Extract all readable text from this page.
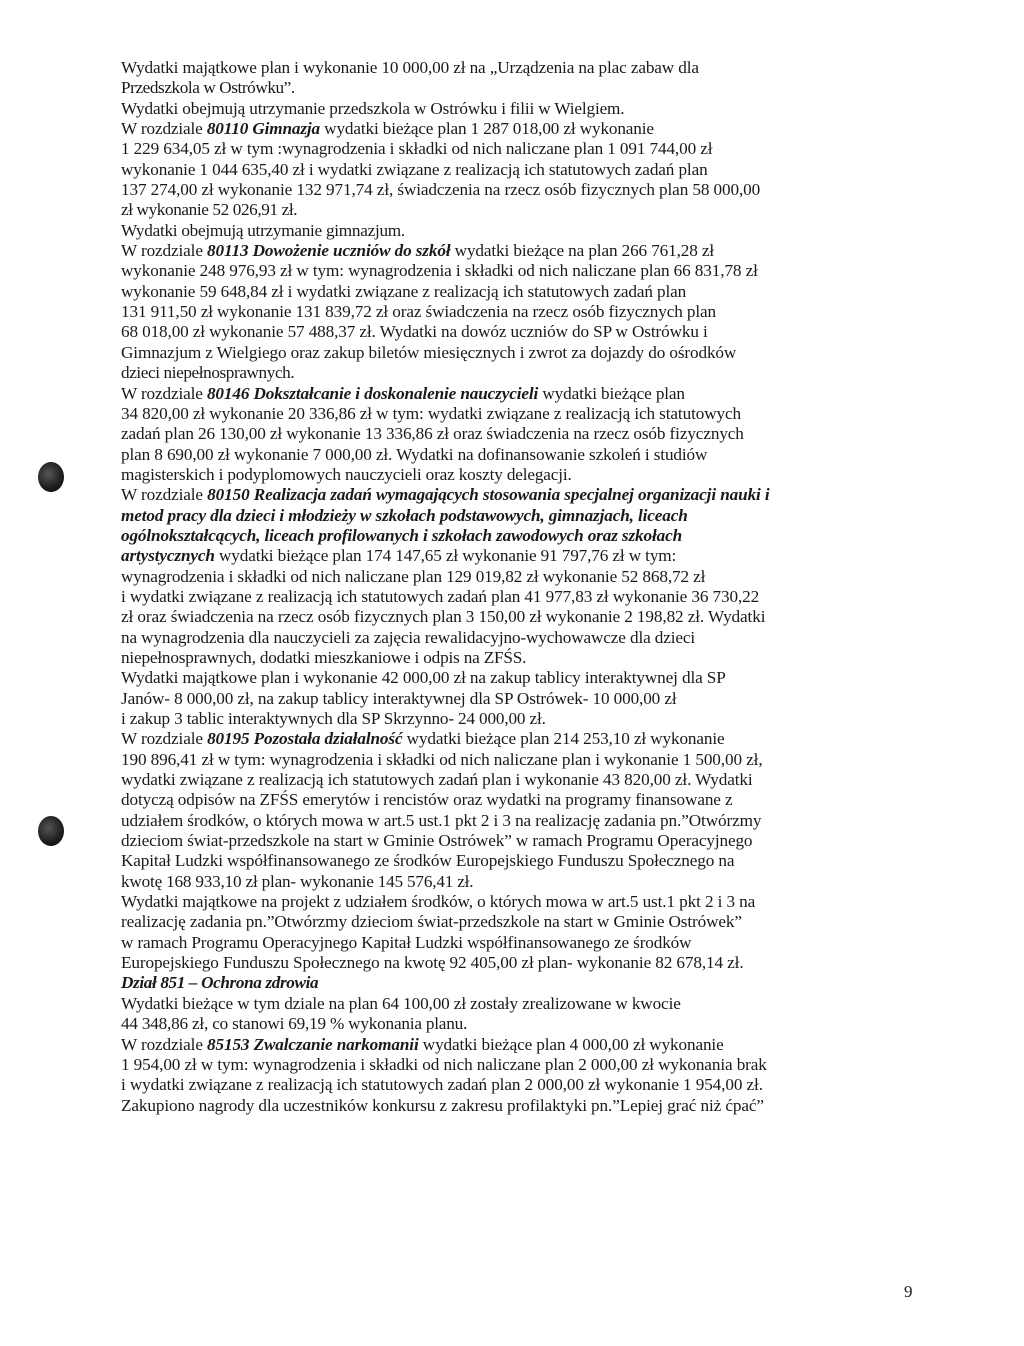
Wydatki majątkowe plan i wykonanie 10 000,00 zł na „Urządzenia na plac zabaw dla
Przedszkola w Ostrówku”.
Wydatki obejmują utrzymanie przedszkola w Ostrówku i filii w Wielgiem.
W rozdziale 80110 Gimnazja wydatki bieżące plan 1 287 018,00 zł wykonanie
1 229 634,05 zł w tym :wynagrodzenia i składki od nich naliczane plan 1 091 744,00 zł
wykonanie 1 044 635,40 zł i wydatki związane z realizacją ich statutowych zadań plan
137 274,00 zł wykonanie 132 971,74 zł, świadczenia na rzecz osób fizycznych plan 58 000,00
zł wykonanie 52 026,91 zł.
Wydatki obejmują utrzymanie gimnazjum.
W rozdziale 80113 Dowożenie uczniów do szkół wydatki bieżące na plan 266 761,28 zł
wykonanie 248 976,93 zł w tym: wynagrodzenia i składki od nich naliczane plan 66 831,78 zł
wykonanie 59 648,84 zł i wydatki związane z realizacją ich statutowych zadań plan
131 911,50 zł wykonanie 131 839,72 zł oraz świadczenia na rzecz osób fizycznych plan
68 018,00 zł wykonanie 57 488,37 zł. Wydatki na dowóz uczniów do SP w Ostrówku i
Gimnazjum z Wielgiego oraz zakup biletów miesięcznych i zwrot za dojazdy do ośrodków
dzieci niepełnosprawnych.
W rozdziale 80146 Dokształcanie i doskonalenie nauczycieli wydatki bieżące plan
34 820,00 zł wykonanie 20 336,86 zł w tym: wydatki związane z realizacją ich statutowych
zadań plan 26 130,00 zł wykonanie 13 336,86 zł oraz świadczenia na rzecz osób fizycznych
plan 8 690,00 zł wykonanie 7 000,00 zł. Wydatki na dofinansowanie szkoleń i studiów
magisterskich i podyplomowych nauczycieli oraz koszty delegacji.
W rozdziale 80150 Realizacja zadań wymagających stosowania specjalnej organizacji nauki i
metod pracy dla dzieci i młodzieży w szkołach podstawowych, gimnazjach, liceach
ogólnokształcących, liceach profilowanych i szkołach zawodowych oraz szkołach
artystycznych wydatki bieżące plan 174 147,65 zł wykonanie 91 797,76 zł w tym:
wynagrodzenia i składki od nich naliczane plan 129 019,82 zł wykonanie 52 868,72 zł
i wydatki związane z realizacją ich statutowych zadań plan 41 977,83 zł wykonanie 36 730,22
zł oraz świadczenia na rzecz osób fizycznych plan 3 150,00 zł wykonanie 2 198,82 zł. Wydatki
na wynagrodzenia dla nauczycieli za zajęcia rewalidacyjno-wychowawcze dla dzieci
niepełnosprawnych, dodatki mieszkaniowe i odpis na ZFŚS.
Wydatki majątkowe plan i wykonanie 42 000,00 zł na zakup tablicy interaktywnej dla SP
Janów- 8 000,00 zł, na zakup tablicy interaktywnej dla SP Ostrówek- 10 000,00 zł
i zakup 3 tablic interaktywnych dla SP Skrzynno- 24 000,00 zł.
W rozdziale 80195 Pozostała działalność wydatki bieżące plan 214 253,10 zł wykonanie
190 896,41 zł w tym: wynagrodzenia i składki od nich naliczane plan i wykonanie 1 500,00 zł,
wydatki związane z realizacją ich statutowych zadań plan i wykonanie 43 820,00 zł. Wydatki
dotyczą odpisów na ZFŚS emerytów i rencistów oraz wydatki na programy finansowane z
udziałem środków, o których mowa w art.5 ust.1 pkt 2 i 3 na realizację zadania pn.”Otwórzmy
dzieciom świat-przedszkole na start w Gminie Ostrówek” w ramach Programu Operacyjnego
Kapitał Ludzki współfinansowanego ze środków Europejskiego Funduszu Społecznego na
kwotę 168 933,10 zł plan- wykonanie 145 576,41 zł.
Wydatki majątkowe na projekt z udziałem środków, o których mowa w art.5 ust.1 pkt 2 i 3 na
realizację zadania pn.”Otwórzmy dzieciom świat-przedszkole na start w Gminie Ostrówek”
w ramach Programu Operacyjnego Kapitał Ludzki współfinansowanego ze środków
Europejskiego Funduszu Społecznego na kwotę 92 405,00 zł plan- wykonanie 82 678,14 zł.
Dział 851 – Ochrona zdrowia
Wydatki bieżące w tym dziale na plan 64 100,00 zł zostały zrealizowane w kwocie
44 348,86 zł, co stanowi 69,19 % wykonania planu.
W rozdziale 85153 Zwalczanie narkomanii wydatki bieżące plan 4 000,00 zł wykonanie
1 954,00 zł w tym: wynagrodzenia i składki od nich naliczane plan 2 000,00 zł wykonania brak
i wydatki związane z realizacją ich statutowych zadań plan 2 000,00 zł wykonanie 1 954,00 zł.
Zakupiono nagrody dla uczestników konkursu z zakresu profilaktyki pn.”Lepiej grać niż ćpać”
9
